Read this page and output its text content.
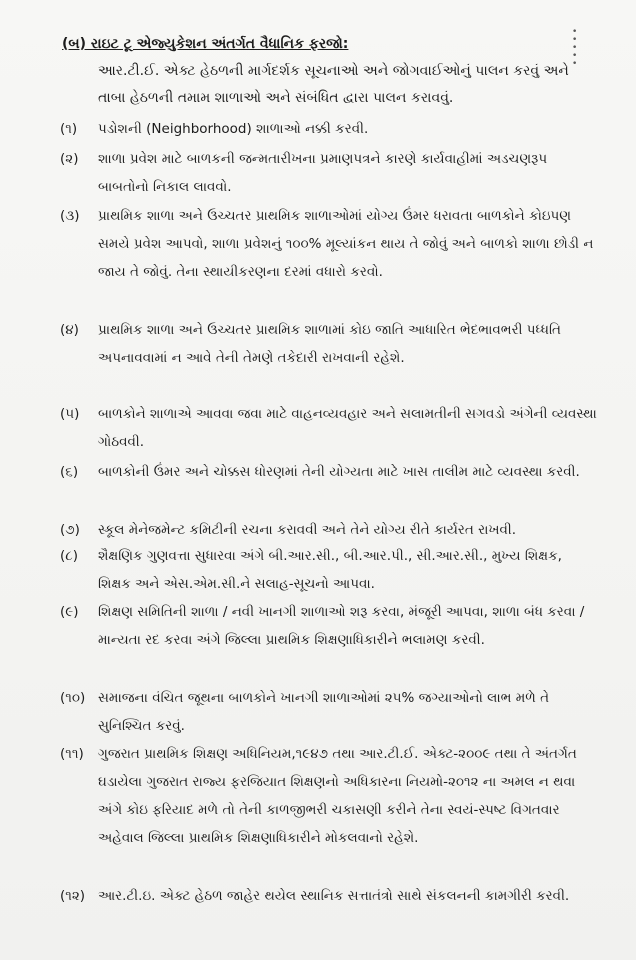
•
•
•
•
•
(બ) રાઇટ ટૂ એજ્યુકેશન અંતર્ગત વૈધાનિક ફરજો:
આર.ટી.ઈ. એક્ટ હેઠળની માર્ગદર્શક સૂચનાઓ અને જોગવાઈઓનું પાલન કરવું અને તાબા હેઠળની તમામ શાળાઓ અને સંબંધિત દ્વારા પાલન કરાવવું.
(૧)	પડોશની (Neighborhood) શાળાઓ નક્કી કરવી.
(૨)	શાળા પ્રવેશ માટે બાળકની જન્મતારીખના પ્રમાણપત્રને કારણે કાર્યવાહીમાં અડચણરૂપ બાબતોનો નિકાલ લાવવો.
(૩)	પ્રાથમિક શાળા અને ઉચ્ચતર પ્રાથમિક શાળાઓમાં યોગ્ય ઉંમર ધરાવતા બાળકોને કોઇપણ સમયે પ્રવેશ આપવો, શાળા પ્રવેશનું ૧૦૦% મૂલ્યાંકન થાય તે જોવું અને બાળકો શાળા છોડી ન જાય તે જોવું. તેના સ્થાયીકરણના દરમાં વધારો કરવો.
(૪)	પ્રાથમિક શાળા અને ઉચ્ચતર પ્રાથમિક શાળામાં કોઇ જાતિ આધારિત ભેદભાવભરી પધ્ધતિ અપનાવવામાં ન આવે તેની તેમણે તકેદારી રાખવાની રહેશે.
(૫)	બાળકોને શાળાએ આવવા જવા માટે વાહનવ્યવહાર અને સલામતીની સગવડો અંગેની વ્યવસ્થા ગોઠવવી.
(૬)	બાળકોની ઉંમર અને ચોક્કસ ધોરણમાં તેની યોગ્યતા માટે ખાસ તાલીમ માટે વ્યવસ્થા કરવી.
(૭)	સ્કૂલ મેનેજમેન્ટ કમિટીની રચના કરાવવી અને તેને યોગ્ય રીતે કાર્યરત રાખવી.
(૮)	શૈક્ષણિક ગુણવત્તા સુધારવા અંગે બી.આર.સી., બી.આર.પી., સી.આર.સી., મુખ્ય શિક્ષક, શિક્ષક અને એસ.એમ.સી.ને સલાહ-સૂચનો આપવા.
(૯)	શિક્ષણ સમિતિની શાળા / નવી ખાનગી શાળાઓ શરૂ કરવા, મંજૂરી આપવા, શાળા બંધ કરવા / માન્યતા રદ કરવા અંગે જિલ્લા પ્રાથમિક શિક્ષણાધિકારીને ભલામણ કરવી.
(૧૦) સમાજના વંચિત જૂથના બાળકોને ખાનગી શાળાઓમાં ૨૫% જગ્યાઓનો લાભ મળે તે સુનિશ્ચિત કરવું.
(૧૧)	ગુજરાત પ્રાથમિક શિક્ષણ અધિનિયમ,૧૯૪૭ તથા આર.ટી.ઈ. એક્ટ-૨૦૦૯ તથા તે અંતર્ગત ઘડાયેલા ગુજરાત રાજ્ય ફરજિયાત શિક્ષણનો અધિકારના નિયમો-૨૦૧૨ ના અમલ ન થવા અંગે કોઇ ફરિયાદ મળે તો તેની કાળજીભરી ચકાસણી કરીને તેના સ્વયં-સ્પષ્ટ વિગતવાર અહેવાલ જિલ્લા પ્રાથમિક શિક્ષણાધિકારીને મોકલવાનો રહેશે.
(૧૨) આર.ટી.ઇ. એક્ટ હેઠળ જાહેર થયેલ સ્થાનિક સત્તાતંત્રો સાથે સંકલનની કામગીરી કરવી.
